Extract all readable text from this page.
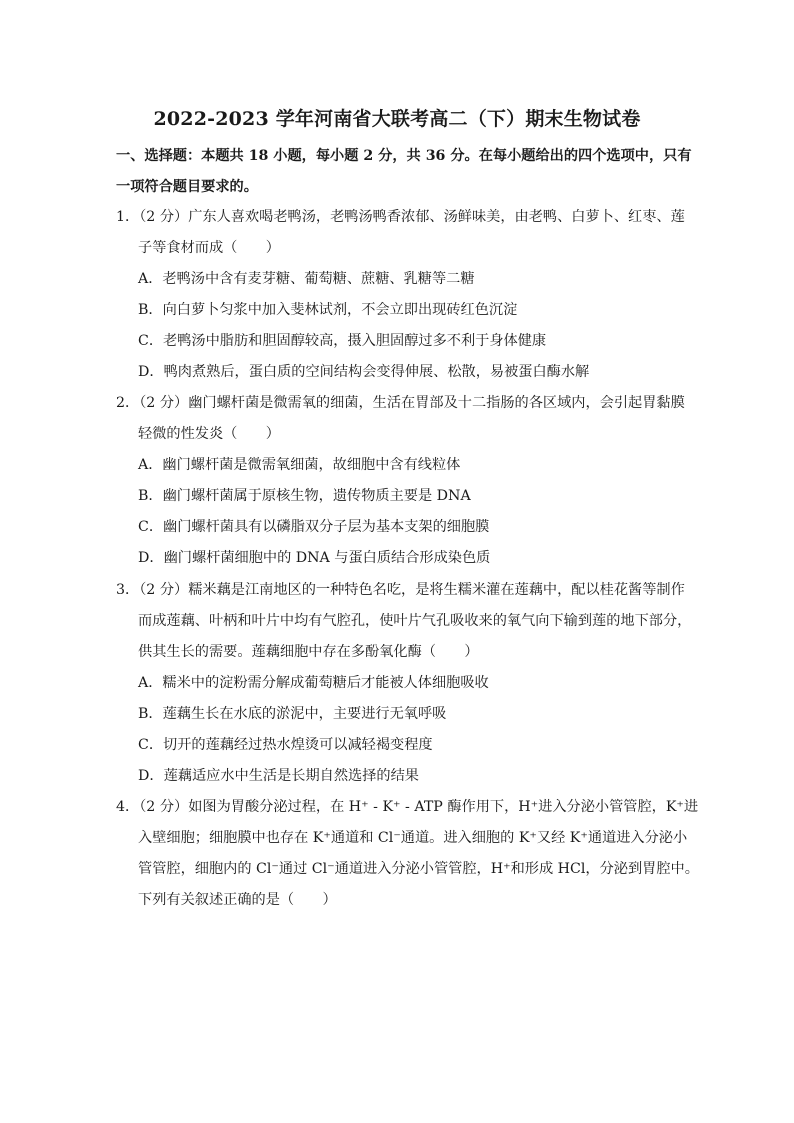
2022-2023 学年河南省大联考高二（下）期末生物试卷
一、选择题：本题共 18 小题，每小题 2 分，共 36 分。在每小题给出的四个选项中，只有
一项符合题目要求的。
1．（2 分）广东人喜欢喝老鸭汤，老鸭汤鸭香浓郁、汤鲜味美，由老鸭、白萝卜、红枣、莲
子等食材而成（　　）
A．老鸭汤中含有麦芽糖、葡萄糖、蔗糖、乳糖等二糖
B．向白萝卜匀浆中加入斐林试剂，不会立即出现砖红色沉淀
C．老鸭汤中脂肪和胆固醇较高，摄入胆固醇过多不利于身体健康
D．鸭肉煮熟后，蛋白质的空间结构会变得伸展、松散，易被蛋白酶水解
2．（2 分）幽门螺杆菌是微需氧的细菌，生活在胃部及十二指肠的各区域内，会引起胃黏膜
轻微的性发炎（　　）
A．幽门螺杆菌是微需氧细菌，故细胞中含有线粒体
B．幽门螺杆菌属于原核生物，遗传物质主要是 DNA
C．幽门螺杆菌具有以磷脂双分子层为基本支架的细胞膜
D．幽门螺杆菌细胞中的 DNA 与蛋白质结合形成染色质
3．（2 分）糯米藕是江南地区的一种特色名吃，是将生糯米灌在莲藕中，配以桂花酱等制作
而成莲藕、叶柄和叶片中均有气腔孔，使叶片气孔吸收来的氧气向下输到莲的地下部分，
供其生长的需要。莲藕细胞中存在多酚氧化酶（　　）
A．糯米中的淀粉需分解成葡萄糖后才能被人体细胞吸收
B．莲藕生长在水底的淤泥中，主要进行无氧呼吸
C．切开的莲藕经过热水煌烫可以减轻褐变程度
D．莲藕适应水中生活是长期自然选择的结果
4．（2 分）如图为胃酸分泌过程，在 H⁺ - K⁺ - ATP 酶作用下，H⁺进入分泌小管管腔，K⁺进
入壁细胞；细胞膜中也存在 K⁺通道和 Cl⁻通道。进入细胞的 K⁺又经 K⁺通道进入分泌小
管管腔，细胞内的 Cl⁻通过 Cl⁻通道进入分泌小管管腔，H⁺和形成 HCl，分泌到胃腔中。
下列有关叙述正确的是（　　）
